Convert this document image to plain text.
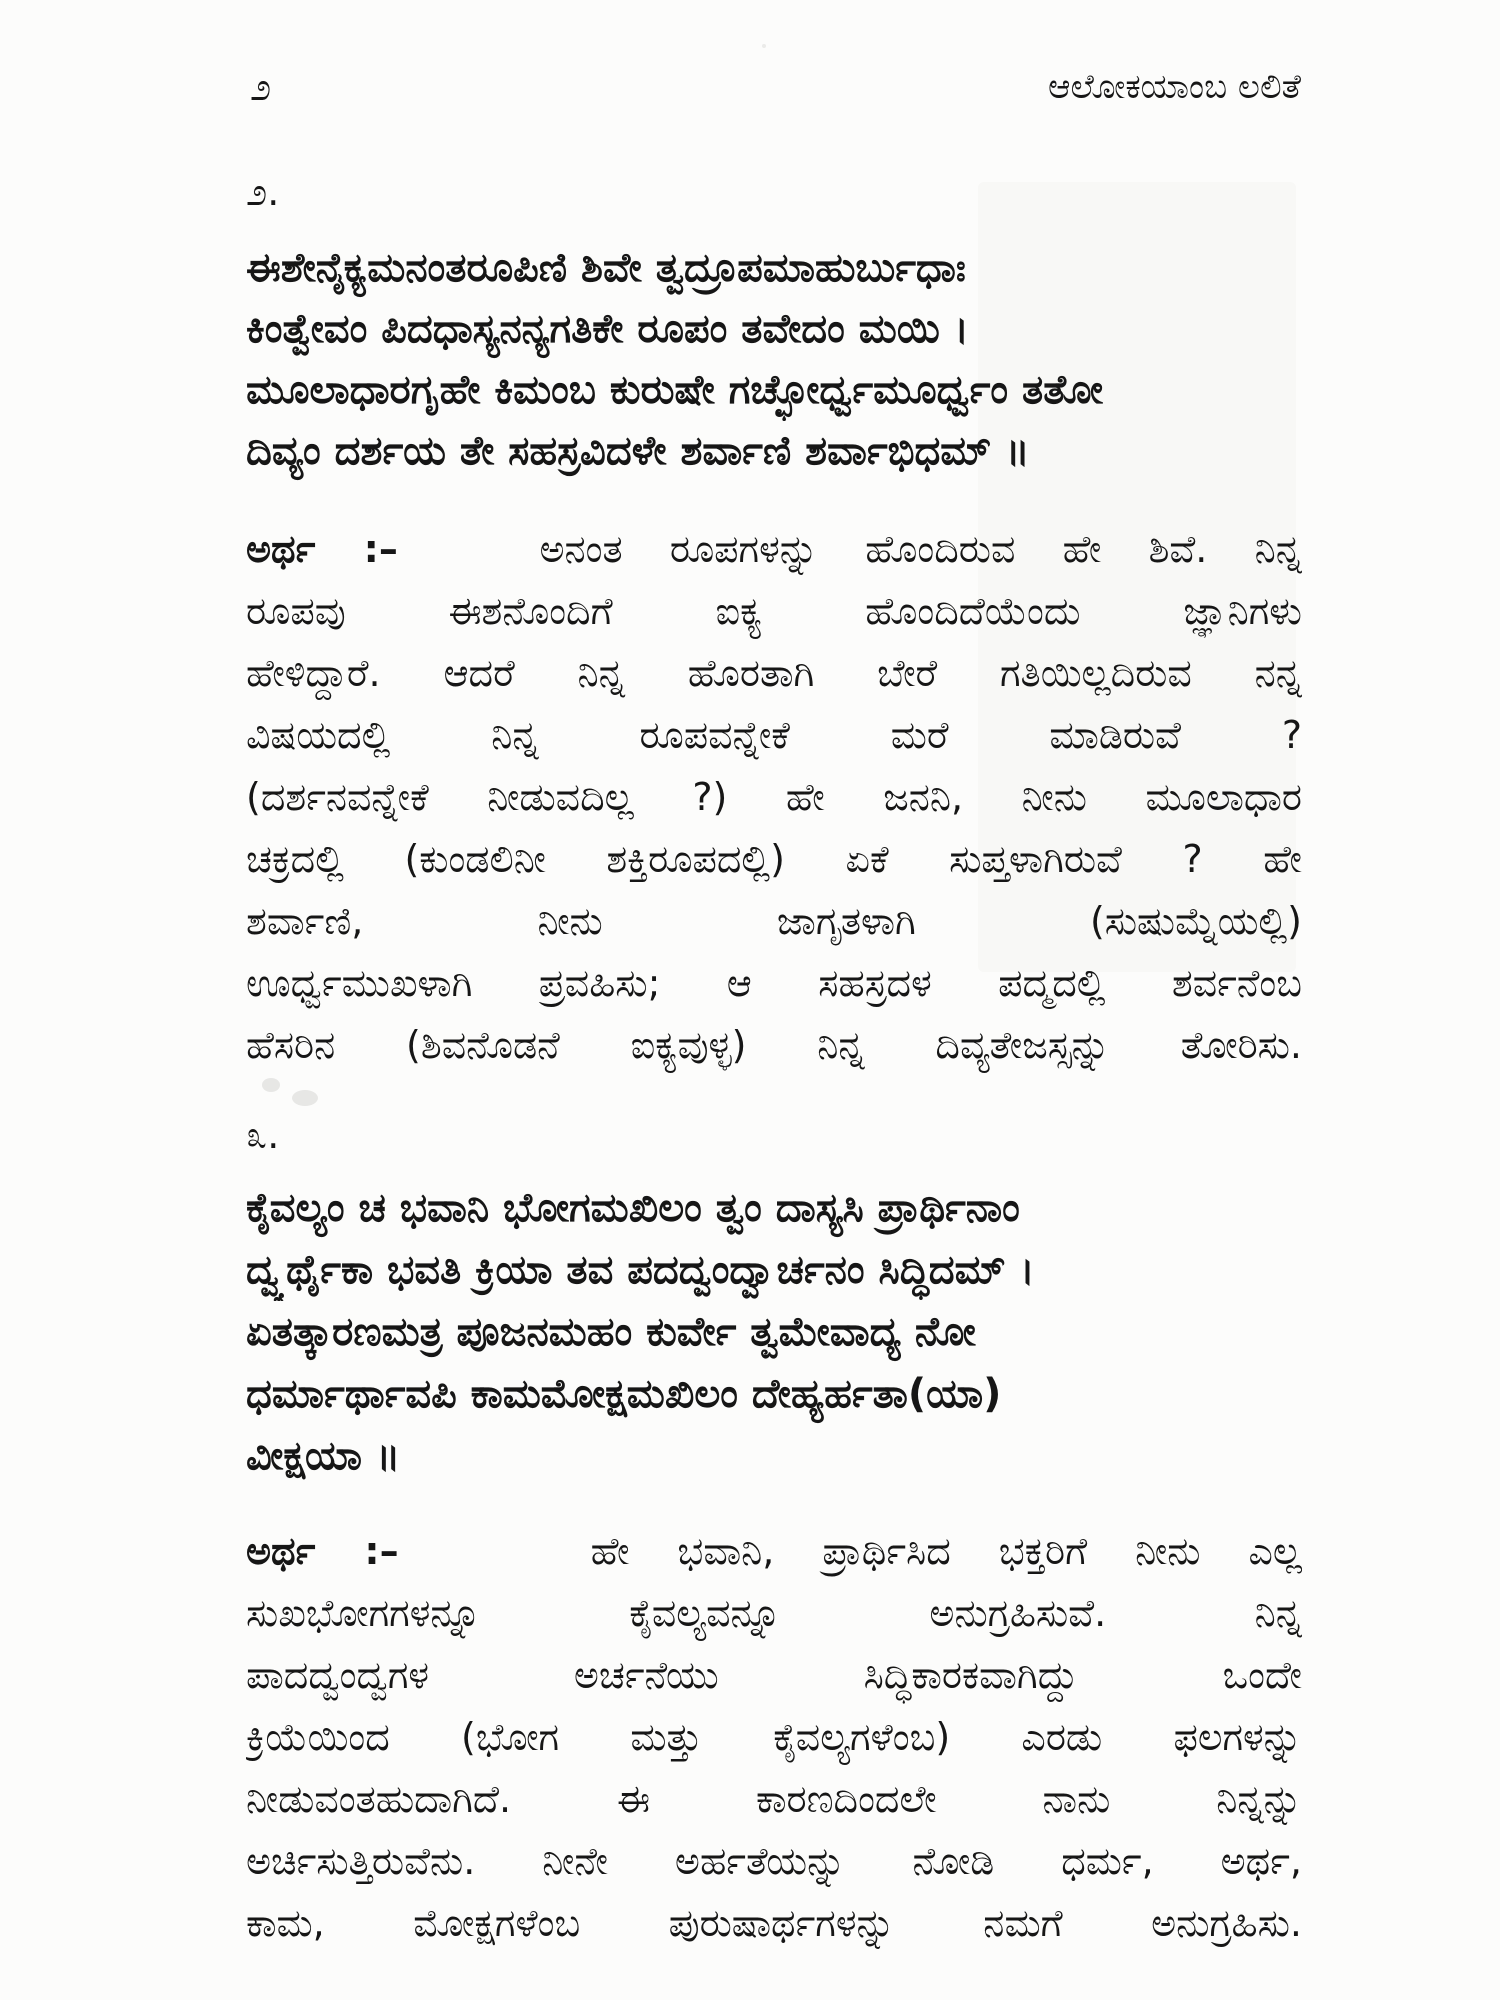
೨	ಆಲೋಕಯಾಂಬ ಲಲಿತೆ
೨.
ಈಶೇನೈಕ್ಯಮನಂತರೂಪಿಣಿ ಶಿವೇ ತ್ವದ್ರೂಪಮಾಹುರ್ಬುಧಾಃ
ಕಿಂತ್ವೇವಂ ಪಿದಧಾಸ್ಯನನ್ಯಗತಿಕೇ ರೂಪಂ ತವೇದಂ ಮಯಿ ।
ಮೂಲಾಧಾರಗೃಹೇ ಕಿಮಂಬ ಕುರುಷೇ ಗಚ್ಛೋರ್ಧ್ವಮೂರ್ಧ್ವಂ ತತೋ
ದಿವ್ಯಂ ದರ್ಶಯ ತೇ ಸಹಸ್ರವಿದಳೇ ಶರ್ವಾಣಿ ಶರ್ವಾಭಿಧಮ್ ॥
ಅರ್ಥ :–	ಅನಂತ ರೂಪಗಳನ್ನು ಹೊಂದಿರುವ ಹೇ ಶಿವೆ. ನಿನ್ನ
ರೂಪವು ಈಶನೊಂದಿಗೆ ಐಕ್ಯ ಹೊಂದಿದೆಯೆಂದು ಜ್ಞಾನಿಗಳು
ಹೇಳಿದ್ದಾರೆ. ಆದರೆ ನಿನ್ನ ಹೊರತಾಗಿ ಬೇರೆ ಗತಿಯಿಲ್ಲದಿರುವ ನನ್ನ
ವಿಷಯದಲ್ಲಿ ನಿನ್ನ ರೂಪವನ್ನೇಕೆ ಮರೆ ಮಾಡಿರುವೆ ?
(ದರ್ಶನವನ್ನೇಕೆ ನೀಡುವದಿಲ್ಲ ?) ಹೇ ಜನನಿ, ನೀನು ಮೂಲಾಧಾರ
ಚಕ್ರದಲ್ಲಿ (ಕುಂಡಲಿನೀ ಶಕ್ತಿರೂಪದಲ್ಲಿ) ಏಕೆ ಸುಪ್ತಳಾಗಿರುವೆ ? ಹೇ
ಶರ್ವಾಣಿ, ನೀನು ಜಾಗೃತಳಾಗಿ (ಸುಷುಮ್ನೆಯಲ್ಲಿ)
ಊರ್ಧ್ವಮುಖಳಾಗಿ ಪ್ರವಹಿಸು; ಆ ಸಹಸ್ರದಳ ಪದ್ಮದಲ್ಲಿ ಶರ್ವನೆಂಬ
ಹೆಸರಿನ (ಶಿವನೊಡನೆ ಐಕ್ಯವುಳ್ಳ) ನಿನ್ನ ದಿವ್ಯತೇಜಸ್ಸನ್ನು ತೋರಿಸು.
೩.
ಕೈವಲ್ಯಂ ಚ ಭವಾನಿ ಭೋಗಮಖಿಲಂ ತ್ವಂ ದಾಸ್ಯಸಿ ಪ್ರಾರ್ಥಿನಾಂ
ದ್ವ್ಯರ್ಥೈಕಾ ಭವತಿ ಕ್ರಿಯಾ ತವ ಪದದ್ವಂದ್ವಾರ್ಚನಂ ಸಿದ್ಧಿದಮ್ ।
ಏತತ್ಕಾರಣಮತ್ರ ಪೂಜನಮಹಂ ಕುರ್ವೇ ತ್ವಮೇವಾದ್ಯ ನೋ
ಧರ್ಮಾರ್ಥಾವಪಿ ಕಾಮಮೋಕ್ಷಮಖಿಲಂ ದೇಹ್ಯರ್ಹತಾ(ಯಾ)
ವೀಕ್ಷಯಾ ॥
ಅರ್ಥ :–	ಹೇ ಭವಾನಿ, ಪ್ರಾರ್ಥಿಸಿದ ಭಕ್ತರಿಗೆ ನೀನು ಎಲ್ಲ
ಸುಖಭೋಗಗಳನ್ನೂ ಕೈವಲ್ಯವನ್ನೂ ಅನುಗ್ರಹಿಸುವೆ. ನಿನ್ನ
ಪಾದದ್ವಂದ್ವಗಳ ಅರ್ಚನೆಯು ಸಿದ್ಧಿಕಾರಕವಾಗಿದ್ದು ಒಂದೇ
ಕ್ರಿಯೆಯಿಂದ (ಭೋಗ ಮತ್ತು ಕೈವಲ್ಯಗಳೆಂಬ) ಎರಡು ಫಲಗಳನ್ನು
ನೀಡುವಂತಹುದಾಗಿದೆ. ಈ ಕಾರಣದಿಂದಲೇ ನಾನು ನಿನ್ನನ್ನು
ಅರ್ಚಿಸುತ್ತಿರುವೆನು. ನೀನೇ ಅರ್ಹತೆಯನ್ನು ನೋಡಿ ಧರ್ಮ, ಅರ್ಥ,
ಕಾಮ, ಮೋಕ್ಷಗಳೆಂಬ ಪುರುಷಾರ್ಥಗಳನ್ನು ನಮಗೆ ಅನುಗ್ರಹಿಸು.
